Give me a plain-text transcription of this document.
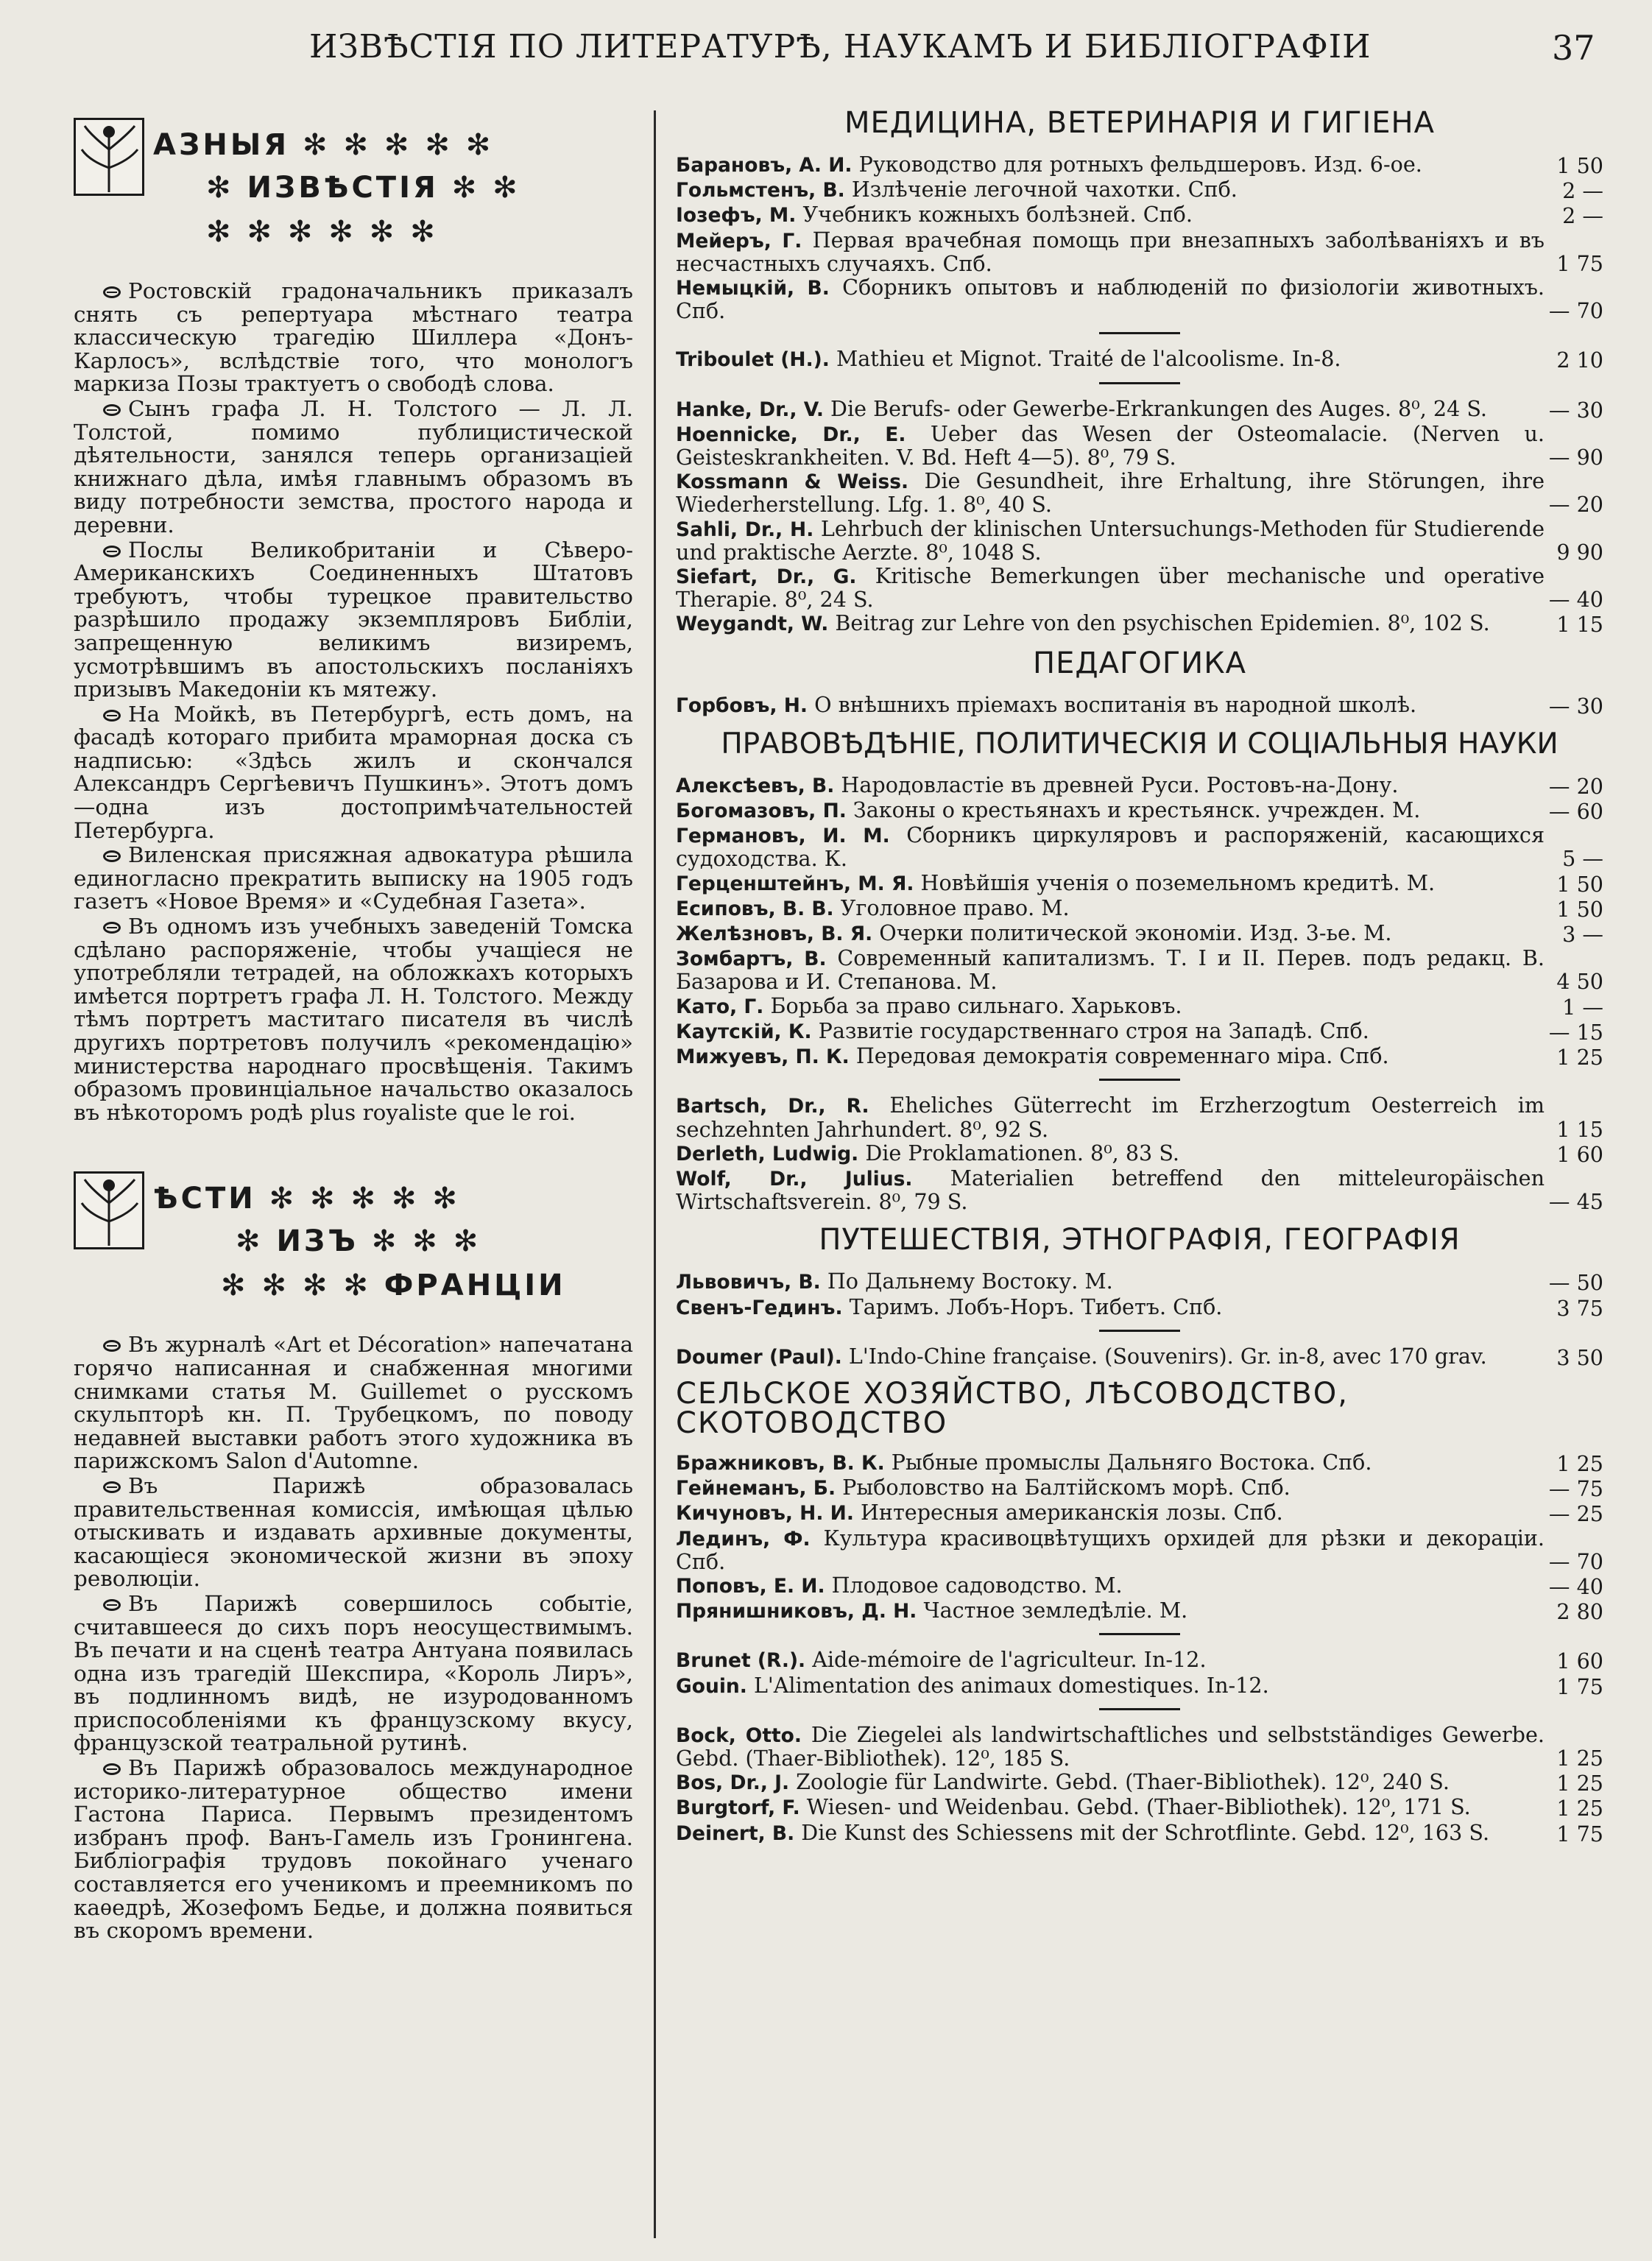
ИЗВѢСТІЯ ПО ЛИТЕРАТУРѢ, НАУКАМЪ И БИБЛІОГРАФІИ	37
АЗНЫЯ ✻ ✻ ✻ ✻ ✻
✻ ИЗВѢСТІЯ ✻ ✻
✻ ✻ ✻ ✻ ✻ ✻

Ростовскій градоначальникъ приказалъ снять съ репертуара мѣстнаго театра классическую трагедію Шиллера «Донъ-Карлосъ», вслѣдствіе того, что монологъ маркиза Позы трактуетъ о свободѣ слова.

Сынъ графа Л. Н. Толстого — Л. Л. Толстой, помимо публицистической дѣятельности, занялся теперь организаціей книжнаго дѣла, имѣя главнымъ образомъ въ виду потребности земства, простого народа и деревни.

Послы Великобританіи и Сѣверо-Американскихъ Соединенныхъ Штатовъ требуютъ, чтобы турецкое правительство разрѣшило продажу экземпляровъ Библіи, запрещенную великимъ визиремъ, усмотрѣвшимъ въ апостольскихъ посланіяхъ призывъ Македоніи къ мятежу.

На Мойкѣ, въ Петербургѣ, есть домъ, на фасадѣ котораго прибита мраморная доска съ надписью: «Здѣсь жилъ и скончался Александръ Сергѣевичъ Пушкинъ». Этотъ домъ—одна изъ достопримѣчательностей Петербурга.

Виленская присяжная адвокатура рѣшила единогласно прекратить выписку на 1905 годъ газетъ «Новое Время» и «Судебная Газета».

Въ одномъ изъ учебныхъ заведеній Томска сдѣлано распоряженіе, чтобы учащіеся не употребляли тетрадей, на обложкахъ которыхъ имѣется портретъ графа Л. Н. Толстого. Между тѣмъ портретъ маститаго писателя въ числѣ другихъ портретовъ получилъ «рекомендацію» министерства народнаго просвѣщенія. Такимъ образомъ провинціальное начальство оказалось въ нѣкоторомъ родѣ plus royaliste que le roi.

ѢСТИ ✻ ✻ ✻ ✻ ✻
✻ ИЗЪ ✻ ✻ ✻
✻ ✻ ✻ ✻ ФРАНЦІИ

Въ журналѣ «Art et Décoration» напечатана горячо написанная и снабженная многими снимками статья M. Guillemet о русскомъ скульпторѣ кн. П. Трубецкомъ, по поводу недавней выставки работъ этого художника въ парижскомъ Salon d'Automne.

Въ Парижѣ образовалась правительственная комиссія, имѣющая цѣлью отыскивать и издавать архивные документы, касающіеся экономической жизни въ эпоху революціи.

Въ Парижѣ совершилось событіе, считавшееся до сихъ поръ неосуществимымъ. Въ печати и на сценѣ театра Антуана появилась одна изъ трагедій Шекспира, «Король Лиръ», въ подлинномъ видѣ, не изуродованномъ приспособленіями къ французскому вкусу, французской театральной рутинѣ.

Въ Парижѣ образовалось международное историко-литературное общество имени Гастона Париса. Первымъ президентомъ избранъ проф. Ванъ-Гамель изъ Гронингена. Библіографія трудовъ покойнаго ученаго составляется его ученикомъ и преемникомъ по каѳедрѣ, Жозефомъ Бедье, и должна появиться въ скоромъ времени.

МЕДИЦИНА, ВЕТЕРИНАРІЯ И ГИГІЕНА
Барановъ, А. И. Руководство для ротныхъ фельдшеровъ. Изд. 6-ое.	1 50
Гольмстенъ, В. Излѣченіе легочной чахотки. Спб.	2 —
Іозефъ, М. Учебникъ кожныхъ болѣзней. Спб.	2 —
Мейеръ, Г. Первая врачебная помощь при внезапныхъ заболѣваніяхъ и въ несчастныхъ случаяхъ. Спб.	1 75
Немыцкій, В. Сборникъ опытовъ и наблюденій по физіологіи животныхъ. Спб.	— 70
Triboulet (H.). Mathieu et Mignot. Traité de l'alcoolisme. In-8.	2 10
Hanke, Dr., V. Die Berufs- oder Gewerbe-Erkrankungen des Auges. 8⁰, 24 S.	— 30
Hoennicke, Dr., E. Ueber das Wesen der Osteomalacie. (Nerven u. Geisteskrankheiten. V. Bd. Heft 4—5). 8⁰, 79 S.	— 90
Kossmann & Weiss. Die Gesundheit, ihre Erhaltung, ihre Störungen, ihre Wiederherstellung. Lfg. 1. 8⁰, 40 S.	— 20
Sahli, Dr., H. Lehrbuch der klinischen Untersuchungs-Methoden für Studierende und praktische Aerzte. 8⁰, 1048 S.	9 90
Siefart, Dr., G. Kritische Bemerkungen über mechanische und operative Therapie. 8⁰, 24 S.	— 40
Weygandt, W. Beitrag zur Lehre von den psychischen Epidemien. 8⁰, 102 S.	1 15
ПЕДАГОГИКА
Горбовъ, Н. О внѣшнихъ пріемахъ воспитанія въ народной школѣ.	— 30
ПРАВОВѢДѢНІЕ, ПОЛИТИЧЕСКІЯ И СОЦІАЛЬНЫЯ НАУКИ
Алексѣевъ, В. Народовластіе въ древней Руси. Ростовъ-на-Дону.	— 20
Богомазовъ, П. Законы о крестьянахъ и крестьянск. учрежден. М.	— 60
Германовъ, И. М. Сборникъ циркуляровъ и распоряженій, касающихся судоходства. К.	5 —
Герценштейнъ, М. Я. Новѣйшія ученія о поземельномъ кредитѣ. М.	1 50
Есиповъ, В. В. Уголовное право. М.	1 50
Желѣзновъ, В. Я. Очерки политической экономіи. Изд. 3-ье. М.	3 —
Зомбартъ, В. Современный капитализмъ. Т. I и II. Перев. подъ редакц. В. Базарова и И. Степанова. М.	4 50
Като, Г. Борьба за право сильнаго. Харьковъ.	1 —
Каутскій, К. Развитіе государственнаго строя на Западѣ. Спб.	— 15
Мижуевъ, П. К. Передовая демократія современнаго міра. Спб.	1 25
Bartsch, Dr., R. Eheliches Güterrecht im Erzherzogtum Oesterreich im sechzehnten Jahrhundert. 8⁰, 92 S.	1 15
Derleth, Ludwig. Die Proklamationen. 8⁰, 83 S.	1 60
Wolf, Dr., Julius. Materialien betreffend den mitteleuropäischen Wirtschaftsverein. 8⁰, 79 S.	— 45
ПУТЕШЕСТВІЯ, ЭТНОГРАФІЯ, ГЕОГРАФІЯ
Львовичъ, В. По Дальнему Востоку. М.	— 50
Свенъ-Гединъ. Таримъ. Лобъ-Норъ. Тибетъ. Спб.	3 75
Doumer (Paul). L'Indo-Chine française. (Souvenirs). Gr. in-8, avec 170 grav.	3 50
СЕЛЬСКОЕ ХОЗЯЙСТВО, ЛѢСОВОДСТВО, СКОТОВОДСТВО
Бражниковъ, В. К. Рыбные промыслы Дальняго Востока. Спб.	1 25
Гейнеманъ, Б. Рыболовство на Балтійскомъ морѣ. Спб.	— 75
Кичуновъ, Н. И. Интересныя американскія лозы. Спб.	— 25
Лединъ, Ф. Культура красивоцвѣтущихъ орхидей для рѣзки и декораціи. Спб.	— 70
Поповъ, Е. И. Плодовое садоводство. М.	— 40
Прянишниковъ, Д. Н. Частное земледѣліе. М.	2 80
Brunet (R.). Aide-mémoire de l'agriculteur. In-12.	1 60
Gouin. L'Alimentation des animaux domestiques. In-12.	1 75
Bock, Otto. Die Ziegelei als landwirtschaftliches und selbstständiges Gewerbe. Gebd. (Thaer-Bibliothek). 12⁰, 185 S.	1 25
Bos, Dr., J. Zoologie für Landwirte. Gebd. (Thaer-Bibliothek). 12⁰, 240 S.	1 25
Burgtorf, F. Wiesen- und Weidenbau. Gebd. (Thaer-Bibliothek). 12⁰, 171 S.	1 25
Deinert, B. Die Kunst des Schiessens mit der Schrotflinte. Gebd. 12⁰, 163 S.	1 75
